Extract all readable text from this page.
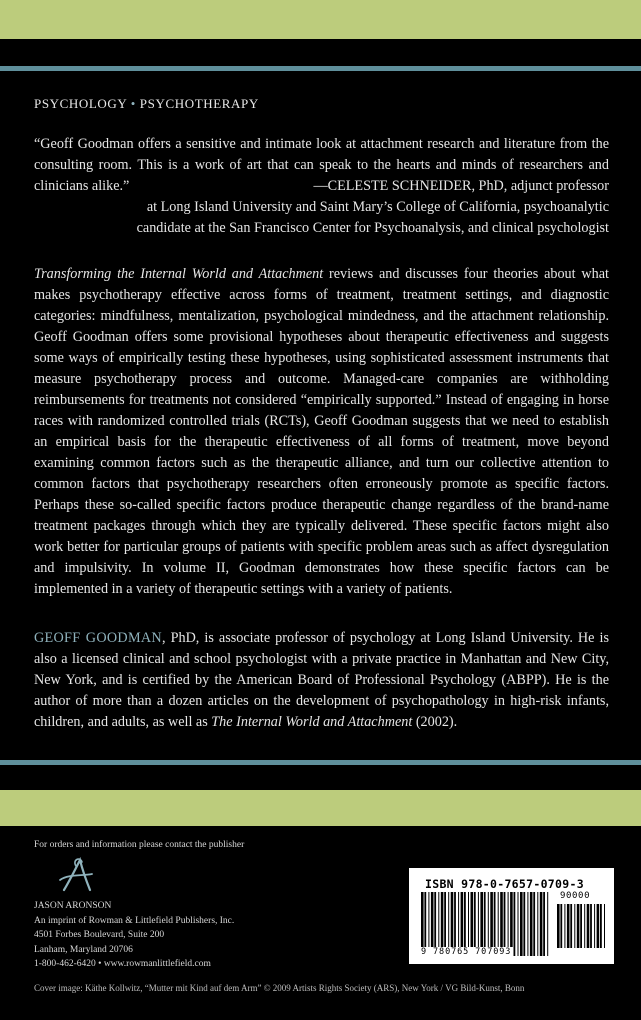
PSYCHOLOGY • PSYCHOTHERAPY

“Geoff Goodman offers a sensitive and intimate look at attachment research and literature from the consulting room. This is a work of art that can speak to the hearts and minds of researchers and clinicians alike.”	—CELESTE SCHNEIDER, PhD, adjunct professor

at Long Island University and Saint Mary’s College of California, psychoanalytic

candidate at the San Francisco Center for Psychoanalysis, and clinical psychologist

Transforming the Internal World and Attachment reviews and discusses four theories about what makes psychotherapy effective across forms of treatment, treatment settings, and diagnostic categories: mindfulness, mentalization, psychological mindedness, and the attachment relationship. Geoff Goodman offers some provisional hypotheses about therapeutic effectiveness and suggests some ways of empirically testing these hypotheses, using sophisticated assessment instruments that measure psychotherapy process and outcome. Managed-care companies are withholding reimbursements for treatments not considered “empirically supported.” Instead of engaging in horse races with randomized controlled trials (RCTs), Geoff Goodman suggests that we need to establish an empirical basis for the therapeutic effectiveness of all forms of treatment, move beyond examining common factors such as the therapeutic alliance, and turn our collective attention to common factors that psychotherapy researchers often erroneously promote as specific factors. Perhaps these so-called specific factors produce therapeutic change regardless of the brand-name treatment packages through which they are typically delivered. These specific factors might also work better for particular groups of patients with specific problem areas such as affect dysregulation and impulsivity. In volume II, Goodman demonstrates how these specific factors can be implemented in a variety of therapeutic settings with a variety of patients.

GEOFF GOODMAN, PhD, is associate professor of psychology at Long Island University. He is also a licensed clinical and school psychologist with a private practice in Manhattan and New City, New York, and is certified by the American Board of Professional Psychology (ABPP). He is the author of more than a dozen articles on the development of psychopathology in high-risk infants, children, and adults, as well as The Internal World and Attachment (2002).

For orders and information please contact the publisher
JASON ARONSON
An imprint of Rowman & Littlefield Publishers, Inc.
4501 Forbes Boulevard, Suite 200
Lanham, Maryland 20706
1-800-462-6420 • www.rowmanlittlefield.com
Cover image: Käthe Kollwitz, “Mutter mit Kind auf dem Arm” © 2009 Artists Rights Society (ARS), New York / VG Bild-Kunst, Bonn
ISBN 978-0-7657-0709-3
90000
9 780765 707093
